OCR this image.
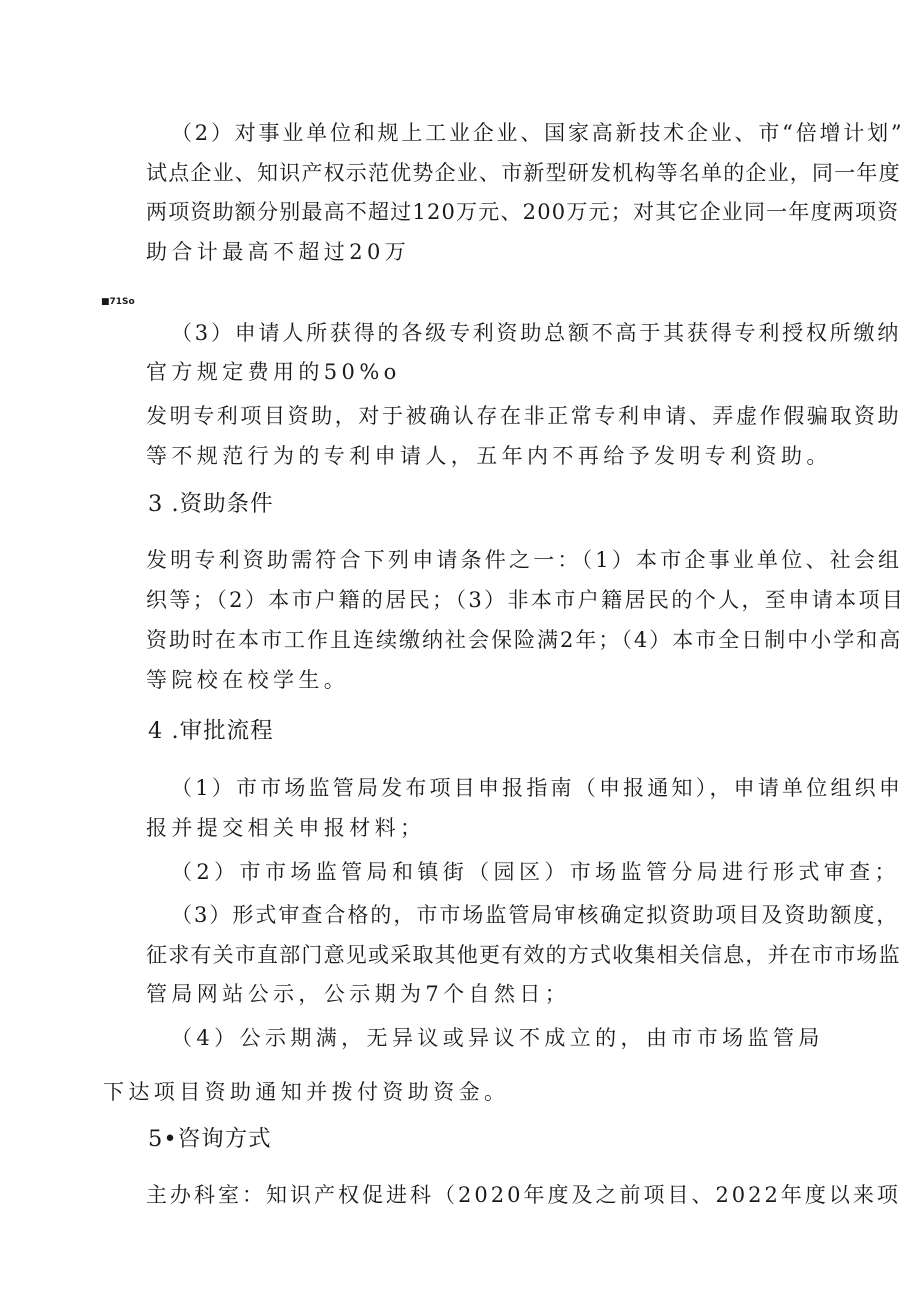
（2）对事业单位和规上工业企业、国家高新技术企业、市“倍增计划”
试点企业、知识产权示范优势企业、市新型研发机构等名单的企业，同一年度
两项资助额分别最高不超过120万元、200万元；对其它企业同一年度两项资
助合计最高不超过20万
■71So
（3）申请人所获得的各级专利资助总额不高于其获得专利授权所缴纳
官方规定费用的50%o
发明专利项目资助，对于被确认存在非正常专利申请、弄虚作假骗取资助
等不规范行为的专利申请人，五年内不再给予发明专利资助。
3 .资助条件
发明专利资助需符合下列申请条件之一：（1）本市企事业单位、社会组
织等；（2）本市户籍的居民；（3）非本市户籍居民的个人，至申请本项目
资助时在本市工作且连续缴纳社会保险满2年；（4）本市全日制中小学和高
等院校在校学生。
4 .审批流程
（1）市市场监管局发布项目申报指南（申报通知），申请单位组织申
报并提交相关申报材料；
（2）市市场监管局和镇街（园区）市场监管分局进行形式审查；
（3）形式审查合格的，市市场监管局审核确定拟资助项目及资助额度，
征求有关市直部门意见或采取其他更有效的方式收集相关信息，并在市市场监
管局网站公示，公示期为7个自然日；
（4）公示期满，无异议或异议不成立的，由市市场监管局
下达项目资助通知并拨付资助资金。
5•咨询方式
主办科室：知识产权促进科（2020年度及之前项目、2022年度以来项
